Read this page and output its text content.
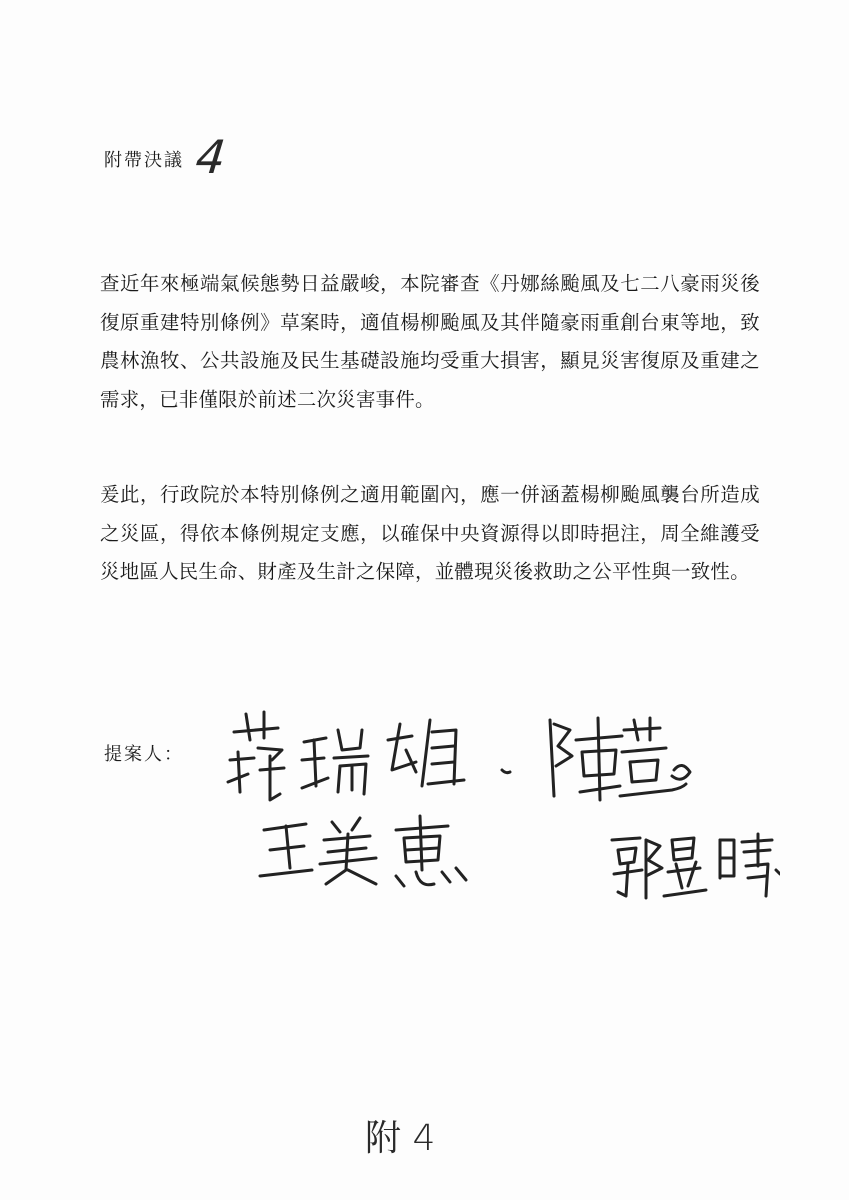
附帶決議 4
查近年來極端氣候態勢日益嚴峻，本院審查《丹娜絲颱風及七二八豪雨災後復原重建特別條例》草案時，適值楊柳颱風及其伴隨豪雨重創台東等地，致農林漁牧、公共設施及民生基礎設施均受重大損害，顯見災害復原及重建之需求，已非僅限於前述二次災害事件。
爰此，行政院於本特別條例之適用範圍內，應一併涵蓋楊柳颱風襲台所造成之災區，得依本條例規定支應，以確保中央資源得以即時挹注，周全維護受災地區人民生命、財產及生計之保障，並體現災後救助之公平性與一致性。
提案人：
附 4
